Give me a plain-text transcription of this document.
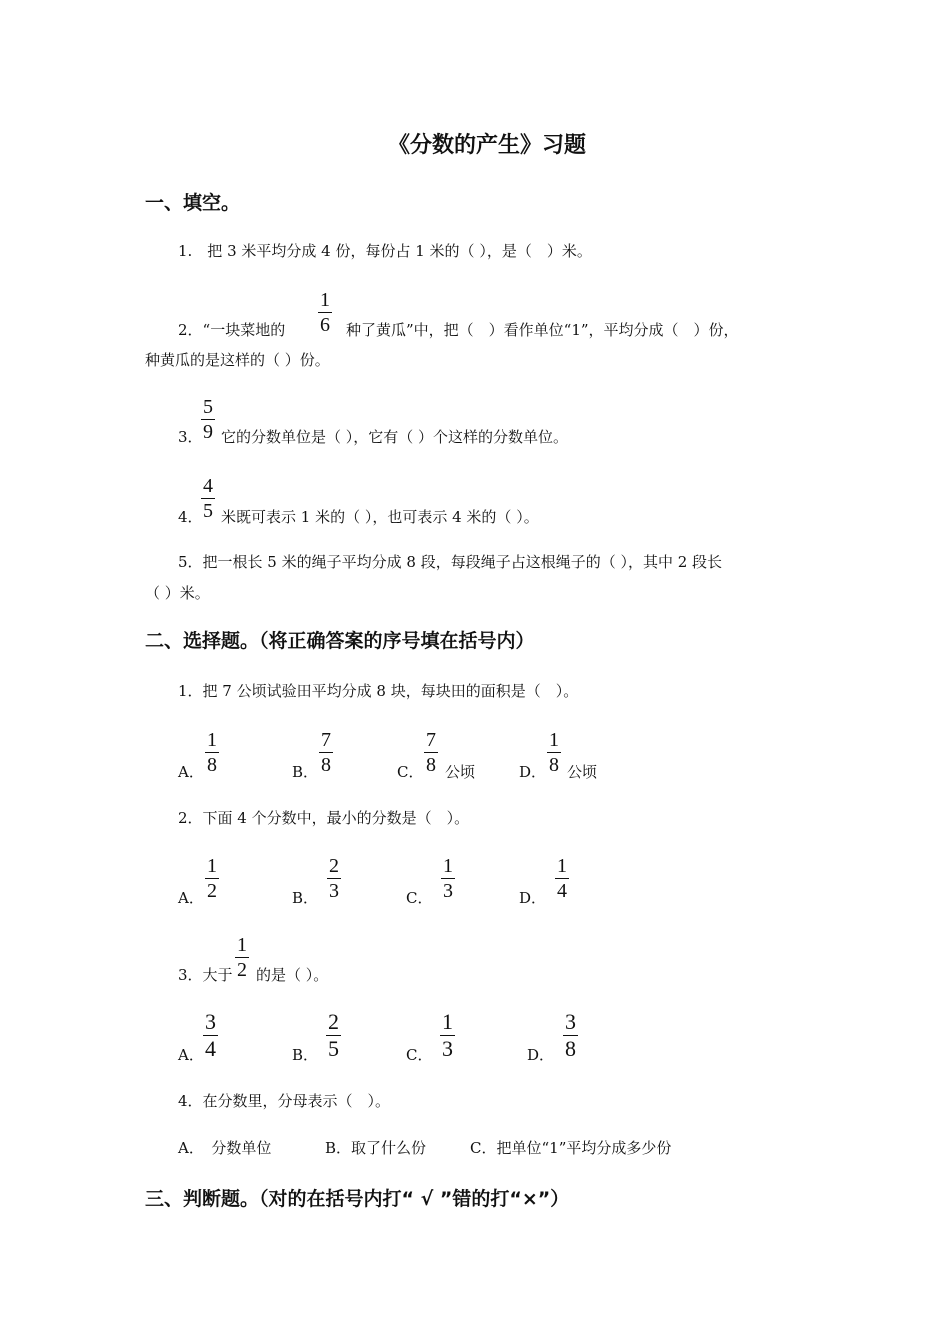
《分数的产生》习题
一、填空。
1.　把 3 米平均分成 4 份，每份占 1 米的（ ），是（　）米。
2．“一块菜地的
1
6 种了黄瓜”中，把（　）看作单位“1”，平均分成（　）份，
种黄瓜的是这样的（ ）份。
3．
5
9 它的分数单位是（ ），它有（ ）个这样的分数单位。
4．
4
5 米既可表示 1 米的（ ），也可表示 4 米的（ ）。
5．把一根长 5 米的绳子平均分成 8 段，每段绳子占这根绳子的（ ），其中 2 段长
（ ）米。
二、选择题。（将正确答案的序号填在括号内）
1．把 7 公顷试验田平均分成 8 块，每块田的面积是（　）。
A．
1
8	B．
7
8	C．
7
8 公顷	D．
1
8 公顷
2．下面 4 个分数中，最小的分数是（　）。
A．
1
2	B．
2
3	C．
1
3	D．
1
4
3．大于
1
2 的是（ ）。
A．
3
4	B．
2
5	C．
1
3	D．
3
8
4．在分数里，分母表示（　）。
A．　分数单位	B．取了什么份	C．把单位“1”平均分成多少份
三、判断题。（对的在括号内打“ √ ”错的打“×”）
